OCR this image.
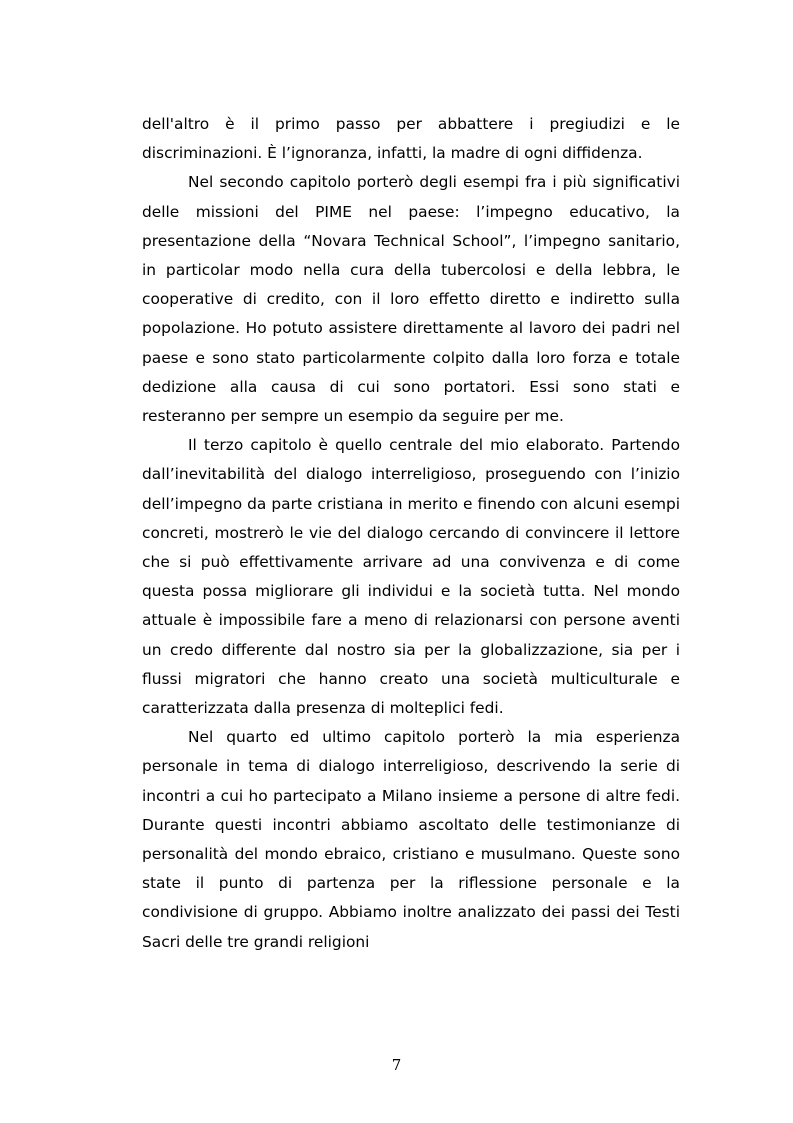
dell'altro è il primo passo per abbattere i pregiudizi e le discriminazioni. È l’ignoranza, infatti, la madre di ogni diffidenza.

Nel secondo capitolo porterò degli esempi fra i più significativi delle missioni del PIME nel paese: l’impegno educativo, la presentazione della “Novara Technical School”, l’impegno sanitario, in particolar modo nella cura della tubercolosi e della lebbra, le cooperative di credito, con il loro effetto diretto e indiretto sulla popolazione. Ho potuto assistere direttamente al lavoro dei padri nel paese e sono stato particolarmente colpito dalla loro forza e totale dedizione alla causa di cui sono portatori. Essi sono stati e resteranno per sempre un esempio da seguire per me.

Il terzo capitolo è quello centrale del mio elaborato. Partendo dall’inevitabilità del dialogo interreligioso, proseguendo con l’inizio dell’impegno da parte cristiana in merito e finendo con alcuni esempi concreti, mostrerò le vie del dialogo cercando di convincere il lettore che si può effettivamente arrivare ad una convivenza e di come questa possa migliorare gli individui e la società tutta. Nel mondo attuale è impossibile fare a meno di relazionarsi con persone aventi un credo differente dal nostro sia per la globalizzazione, sia per i flussi migratori che hanno creato una società multiculturale e caratterizzata dalla presenza di molteplici fedi.

Nel quarto ed ultimo capitolo porterò la mia esperienza personale in tema di dialogo interreligioso, descrivendo la serie di incontri a cui ho partecipato a Milano insieme a persone di altre fedi. Durante questi incontri abbiamo ascoltato delle testimonianze di personalità del mondo ebraico, cristiano e musulmano. Queste sono state il punto di partenza per la riflessione personale e la condivisione di gruppo. Abbiamo inoltre analizzato dei passi dei Testi Sacri delle tre grandi religioni

7
